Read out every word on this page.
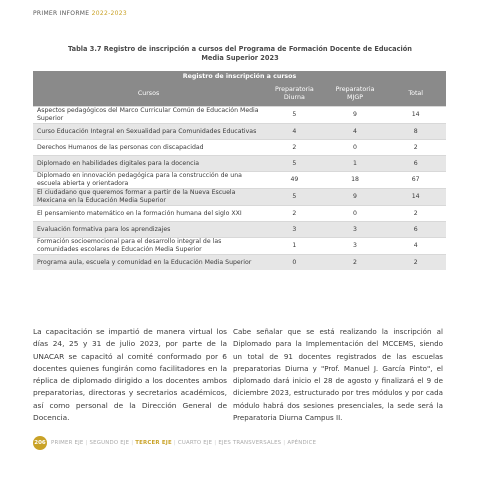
PRIMER INFORME 2022-2023
Tabla 3.7 Registro de inscripción a cursos del Programa de Formación Docente de Educación
Media Superior 2023
Registro de inscripción a cursos			
Cursos	Preparatoria Diurna	Preparatoria MJGP	Total
Aspectos pedagógicos del Marco Curricular Común de Educación Media Superior	5	9	14
Curso Educación Integral en Sexualidad para Comunidades Educativas	4	4	8
Derechos Humanos de las personas con discapacidad	2	0	2
Diplomado en habilidades digitales para la docencia	5	1	6
Diplomado en innovación pedagógica para la construcción de una escuela abierta y orientadora	49	18	67
El ciudadano que queremos formar a partir de la Nueva Escuela Mexicana en la Educación Media Superior	5	9	14
El pensamiento matemático en la formación humana del siglo XXI	2	0	2
Evaluación formativa para los aprendizajes	3	3	6
Formación socioemocional para el desarrollo integral de las comunidades escolares de Educación Media Superior	1	3	4
Programa aula, escuela y comunidad en la Educación Media Superior	0	2	2
La capacitación se impartió de manera virtual los días 24, 25 y 31 de julio 2023, por parte de la UNACAR se capacitó al comité conformado por 6 docentes quienes fungirán como facilitadores en la réplica de diplomado dirigido a los docentes ambos preparatorias, directoras y secretarios académicos, así como personal de la Dirección General de Docencia.
Cabe señalar que se está realizando la inscripción al Diplomado para la Implementación del MCCEMS, siendo un total de 91 docentes registrados de las escuelas preparatorias Diurna y "Prof. Manuel J. García Pinto", el diplomado dará inicio el 28 de agosto y finalizará el 9 de diciembre 2023, estructurado por tres módulos y por cada módulo habrá dos sesiones presenciales, la sede será la Preparatoria Diurna Campus II.
206 PRIMER EJE | SEGUNDO EJE | TERCER EJE | CUARTO EJE | EJES TRANSVERSALES | APÉNDICE
